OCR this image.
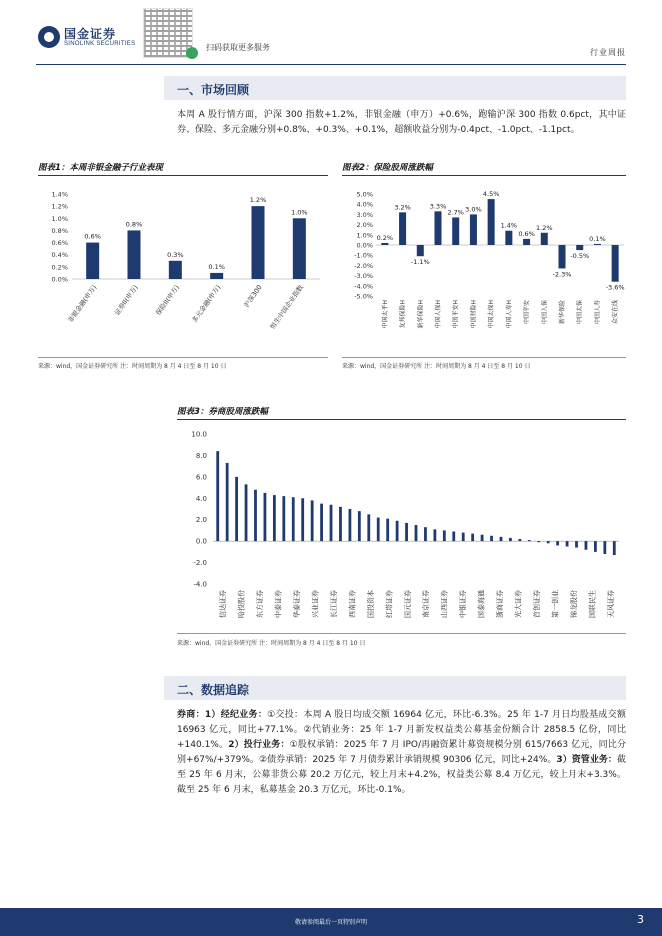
国金证券
SINOLINK SECURITIES	扫码获取更多服务
行业周报
一、市场回顾
本周 A 股行情方面，沪深 300 指数+1.2%，非银金融（申万）+0.6%，跑输沪深 300 指数 0.6pct，其中证券、保险、多元金融分别+0.8%、+0.3%、+0.1%，超额收益分别为-0.4pct、-1.0pct、-1.1pct。
图表1：本周非银金融子行业表现
1.4%
1.2%
1.0%
0.8%
0.6%
0.4%
0.2%
0.0%
0.6%
非银金融(申万)
0.8%
证券II(申万)
0.3%
保险II(申万)
0.1%
多元金融(申万)
1.2%
沪深300
1.0%
恒生中国企业指数
来源：wind，国金证券研究所 注：时间周期为 8 月 4 日至 8 月 10 日
图表2：保险股周涨跌幅
5.0%
4.0%
3.0%
2.0%
1.0%
0.0%
-1.0%
-2.0%
-3.0%
-4.0%
-5.0%
0.2%
中国太平H
3.2%
友邦保险H
-1.1%
新华保险H
3.3%
中国人保H
2.7%
中国平安H
3.0%
中国财险H
4.5%
中国太保H
1.4%
中国人寿H
0.6%
中国平安
1.2%
中国人保
-2.3%
新华保险
-0.5%
中国太保
0.1%
中国人寿
-3.6%
众安在线
来源：wind，国金证券研究所 注：时间周期为 8 月 4 日至 8 月 10 日
图表3：券商股周涨跌幅
10.0
8.0
6.0
4.0
2.0
0.0
-2.0
-4.0
信达证券 哈投股份 东方证券 中泰证券 华泰证券 兴业证券 长江证券 西南证券 国投资本 红塔证券 国元证券 南京证券 山西证券 中银证券 国泰海通 浙商证券 光大证券 首创证券 第一创业 锦龙股份 国联民生 天风证券
来源：wind，国金证券研究所 注：时间周期为 8 月 4 日至 8 月 10 日
二、数据追踪
券商：1）经纪业务：①交投：本周 A 股日均成交额 16964 亿元，环比-6.3%。25 年 1-7 月日均股基成交额 16963 亿元，同比+77.1%。②代销业务：25 年 1-7 月新发权益类公募基金份额合计 2858.5 亿份，同比+140.1%。2）投行业务：①股权承销：2025 年 7 月 IPO/再融资累计募资规模分别 615/7663 亿元，同比分别+67%/+379%。②债券承销：2025 年 7 月债券累计承销规模 90306 亿元，同比+24%。3）资管业务：截至 25 年 6 月末，公募非货公募 20.2 万亿元，较上月末+4.2%，权益类公募 8.4 万亿元，较上月末+3.3%。截至 25 年 6 月末，私募基金 20.3 万亿元，环比-0.1%。
敬请参阅最后一页特别声明	3
